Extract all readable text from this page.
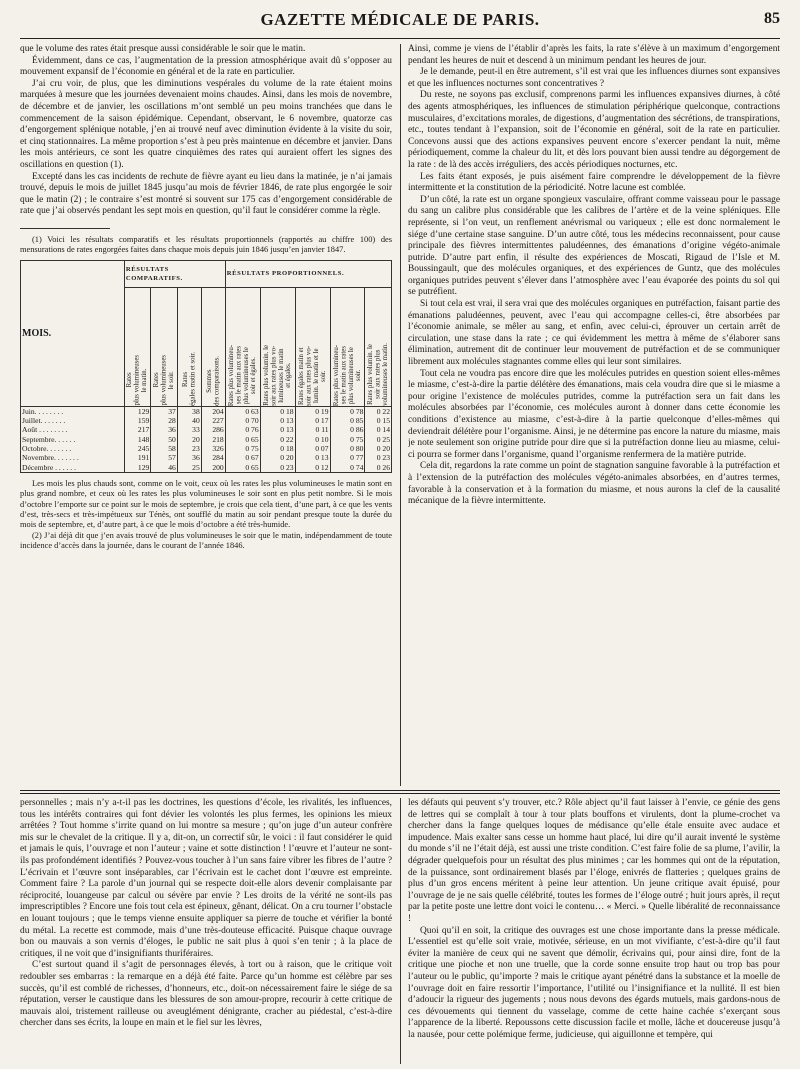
GAZETTE MÉDICALE DE PARIS.	85

que le volume des rates était presque aussi considérable le soir que le matin.

Évidemment, dans ce cas, l’augmentation de la pression atmosphérique avait dû s’opposer au mouvement expansif de l’économie en général et de la rate en particulier.

J’ai cru voir, de plus, que les diminutions vespérales du volume de la rate étaient moins marquées à mesure que les journées devenaient moins chaudes. Ainsi, dans les mois de novembre, de décembre et de janvier, les oscillations m’ont semblé un peu moins tranchées que dans le commencement de la saison épidémique. Cependant, observant, le 6 novembre, quatorze cas d’engorgement splénique notable, j’en ai trouvé neuf avec diminution évidente à la visite du soir, et cinq stationnaires. La même proportion s’est à peu près maintenue en décembre et janvier. Dans les mois antérieurs, ce sont les quatre cinquièmes des rates qui auraient offert les signes des oscillations en question (1).

Excepté dans les cas incidents de rechute de fièvre ayant eu lieu dans la matinée, je n’ai jamais trouvé, depuis le mois de juillet 1845 jusqu’au mois de février 1846, de rate plus engorgée le soir que le matin (2) ; le contraire s’est montré si souvent sur 175 cas d’engorgement considérable de rate que j’ai observés pendant les sept mois en question, qu’il faut le considérer comme la règle.

(1) Voici les résultats comparatifs et les résultats proportionnels (rapportés au chiffre 100) des mensurations de rates engorgées faites dans chaque mois depuis juin 1846 jusqu’en janvier 1847.

MOIS.	RÉSULTATS COMPARATIFS.				RÉSULTATS PROPORTIONNELS.				

	Rates
plus volumineuses
le matin.	Rates
plus volumineuses
le soir.	Rates
égales matin et soir.	Sommes
des comparaisons.	Rates plus volumineu-
ses le matin aux rates
plus volumineuses le
soir et égales.	Rates plus volumin. le
soir aux rates plus vo-
lumineuses le matin
et égales.	Rates égales matin et
soir aux rates plus vo-
lumin. le matin et le
soir.	Rates plus volumineu-
ses le matin aux rates
plus volumineuses le
soir.	Rates plus volumin. le
soir aux rates plus
volumineuses le matin.

Juin. . . . . . . .	129	37	38	204	0 63	0 18	0 19	0 78	0 22
Juillet. . . . . . .	159	28	40	227	0 70	0 13	0 17	0 85	0 15
Août . . . . . . . .	217	36	33	286	0 76	0 13	0 11	0 86	0 14
Septembre. . . . . .	148	50	20	218	0 65	0 22	0 10	0 75	0 25
Octobre. . . . . . .	245	58	23	326	0 75	0 18	0 07	0 80	0 20
Novembre. . . . . . .	191	57	36	284	0 67	0 20	0 13	0 77	0 23
Décembre . . . . . .	129	46	25	200	0 65	0 23	0 12	0 74	0 26

Les mois les plus chauds sont, comme on le voit, ceux où les rates les plus volumineuses le matin sont en plus grand nombre, et ceux où les rates les plus volumineuses le soir sont en plus petit nombre. Si le mois d’octobre l’emporte sur ce point sur le mois de septembre, je crois que cela tient, d’une part, à ce que les vents d’est, très-secs et très-impétueux sur Ténès, ont soufflé du matin au soir pendant presque toute la durée du mois de septembre, et, d’autre part, à ce que le mois d’octobre a été très-humide.

(2) J’ai déjà dit que j’en avais trouvé de plus volumineuses le soir que le matin, indépendamment de toute incidence d’accès dans la journée, dans le courant de l’année 1846.

Ainsi, comme je viens de l’établir d’après les faits, la rate s’élève à un maximum d’engorgement pendant les heures de nuit et descend à un minimum pendant les heures de jour.

Je le demande, peut-il en être autrement, s’il est vrai que les influences diurnes sont expansives et que les influences nocturnes sont concentratives ?

Du reste, ne soyons pas exclusif, comprenons parmi les influences expansives diurnes, à côté des agents atmosphériques, les influences de stimulation périphérique quelconque, contractions musculaires, d’excitations morales, de digestions, d’augmentation des sécrétions, de transpirations, etc., toutes tendant à l’expansion, soit de l’économie en général, soit de la rate en particulier. Concevons aussi que des actions expansives peuvent encore s’exercer pendant la nuit, même périodiquement, comme la chaleur du lit, et dès lors pouvant bien aussi tendre au dégorgement de la rate : de là des accès irréguliers, des accès périodiques nocturnes, etc.

Les faits étant exposés, je puis aisément faire comprendre le développement de la fièvre intermittente et la constitution de la périodicité. Notre lacune est comblée.

D’un côté, la rate est un organe spongieux vasculaire, offrant comme vaisseau pour le passage du sang un calibre plus considérable que les calibres de l’artère et de la veine spléniques. Elle représente, si l’on veut, un renflement anévrismal ou variqueux ; elle est donc normalement le siége d’une certaine stase sanguine. D’un autre côté, tous les médecins reconnaissent, pour cause principale des fièvres intermittentes paludéennes, des émanations d’origine végéto-animale putride. D’autre part enfin, il résulte des expériences de Moscati, Rigaud de l’Isle et M. Boussingault, que des molécules organiques, et des expériences de Guntz, que des molécules organiques putrides peuvent s’élever dans l’atmosphère avec l’eau évaporée des points du sol qui se putréfient.

Si tout cela est vrai, il sera vrai que des molécules organiques en putréfaction, faisant partie des émanations paludéennes, peuvent, avec l’eau qui accompagne celles-ci, être absorbées par l’économie animale, se mêler au sang, et enfin, avec celui-ci, éprouver un certain arrêt de circulation, une stase dans la rate ; ce qui évidemment les mettra à même de s’élaborer sans élimination, autrement dit de continuer leur mouvement de putréfaction et de se communiquer librement aux molécules stagnantes comme elles qui leur sont similaires.

Tout cela ne voudra pas encore dire que les molécules putrides en question soient elles-mêmes le miasme, c’est-à-dire la partie délétère des émanations, mais cela voudra dire que si le miasme a pour origine l’existence de molécules putrides, comme la putréfaction sera un fait dans les molécules absorbées par l’économie, ces molécules auront à donner dans cette économie les conditions d’existence au miasme, c’est-à-dire à la partie quelconque d’elles-mêmes qui deviendrait délétère pour l’organisme. Ainsi, je ne détermine pas encore la nature du miasme, mais je note seulement son origine putride pour dire que si la putréfaction donne lieu au miasme, celui-ci pourra se former dans l’organisme, quand l’organisme renfermera de la matière putride.

Cela dit, regardons la rate comme un point de stagnation sanguine favorable à la putréfaction et à l’extension de la putréfaction des molécules végéto-animales absorbées, en d’autres termes, favorable à la conservation et à la formation du miasme, et nous aurons la clef de la causalité mécanique de la fièvre intermittente.

personnelles ; mais n’y a-t-il pas les doctrines, les questions d’école, les rivalités, les influences, tous les intérêts contraires qui font dévier les volontés les plus fermes, les opinions les mieux arrêtées ? Tout homme s’irrite quand on lui montre sa mesure ; qu’on juge d’un auteur confrère mis sur le chevalet de la critique. Il y a, dit-on, un correctif sûr, le voici : il faut considérer le quid et jamais le quis, l’ouvrage et non l’auteur ; vaine et sotte distinction ! l’œuvre et l’auteur ne sont-ils pas profondément identifiés ? Pouvez-vous toucher à l’un sans faire vibrer les fibres de l’autre ? L’écrivain et l’œuvre sont inséparables, car l’écrivain est le cachet dont l’œuvre est empreinte. Comment faire ? La parole d’un journal qui se respecte doit-elle alors devenir complaisante par réciprocité, louangeuse par calcul ou sévère par envie ? Les droits de la vérité ne sont-ils pas imprescriptibles ? Encore une fois tout cela est épineux, gênant, délicat. On a cru tourner l’obstacle en louant toujours ; que le temps vienne ensuite appliquer sa pierre de touche et vérifier la bonté du métal. La recette est commode, mais d’une très-douteuse efficacité. Puisque chaque ouvrage bon ou mauvais a son vernis d’éloges, le public ne sait plus à quoi s’en tenir ; à la place de critiques, il ne voit que d’insignifiants thuriféraires.

C’est surtout quand il s’agit de personnages élevés, à tort ou à raison, que le critique voit redoubler ses embarras : la remarque en a déjà été faite. Parce qu’un homme est célèbre par ses succès, qu’il est comblé de richesses, d’honneurs, etc., doit-on nécessairement faire le siége de sa réputation, verser le caustique dans les blessures de son amour-propre, recourir à cette critique de mauvais aloi, tristement railleuse ou aveuglément dénigrante, cracher au piédestal, c’est-à-dire chercher dans ses écrits, la loupe en main et le fiel sur les lèvres,

les défauts qui peuvent s’y trouver, etc.? Rôle abject qu’il faut laisser à l’envie, ce génie des gens de lettres qui se complaît à tour à tour plats bouffons et virulents, dont la plume-crochet va chercher dans la fange quelques loques de médisance qu’elle étale ensuite avec audace et impudence. Mais exalter sans cesse un homme haut placé, lui dire qu’il aurait inventé le système du monde s’il ne l’était déjà, est aussi une triste condition. C’est faire folie de sa plume, l’avilir, la dégrader quelquefois pour un résultat des plus minimes ; car les hommes qui ont de la réputation, de la puissance, sont ordinairement blasés par l’éloge, enivrés de flatteries ; quelques grains de plus d’un gros encens méritent à peine leur attention. Un jeune critique avait épuisé, pour l’ouvrage de je ne sais quelle célébrité, toutes les formes de l’éloge outré ; huit jours après, il reçut par la petite poste une lettre dont voici le contenu… « Merci. » Quelle libéralité de reconnaissance !

Quoi qu’il en soit, la critique des ouvrages est une chose importante dans la presse médicale. L’essentiel est qu’elle soit vraie, motivée, sérieuse, en un mot vivifiante, c’est-à-dire qu’il faut éviter la manière de ceux qui ne savent que démolir, écrivains qui, pour ainsi dire, font de la critique une pioche et non une truelle, que la corde sonne ensuite trop haut ou trop bas pour l’auteur ou le public, qu’importe ? mais le critique ayant pénétré dans la substance et la moelle de l’ouvrage doit en faire ressortir l’importance, l’utilité ou l’insignifiance et la nullité. Il est bien d’adoucir la rigueur des jugements ; nous nous devons des égards mutuels, mais gardons-nous de ces dévouements qui tiennent du vasselage, comme de cette haine cachée s’exerçant sous l’apparence de la liberté. Repoussons cette discussion facile et molle, lâche et doucereuse jusqu’à la nausée, pour cette polémique ferme, judicieuse, qui aiguillonne et tempère, qui
